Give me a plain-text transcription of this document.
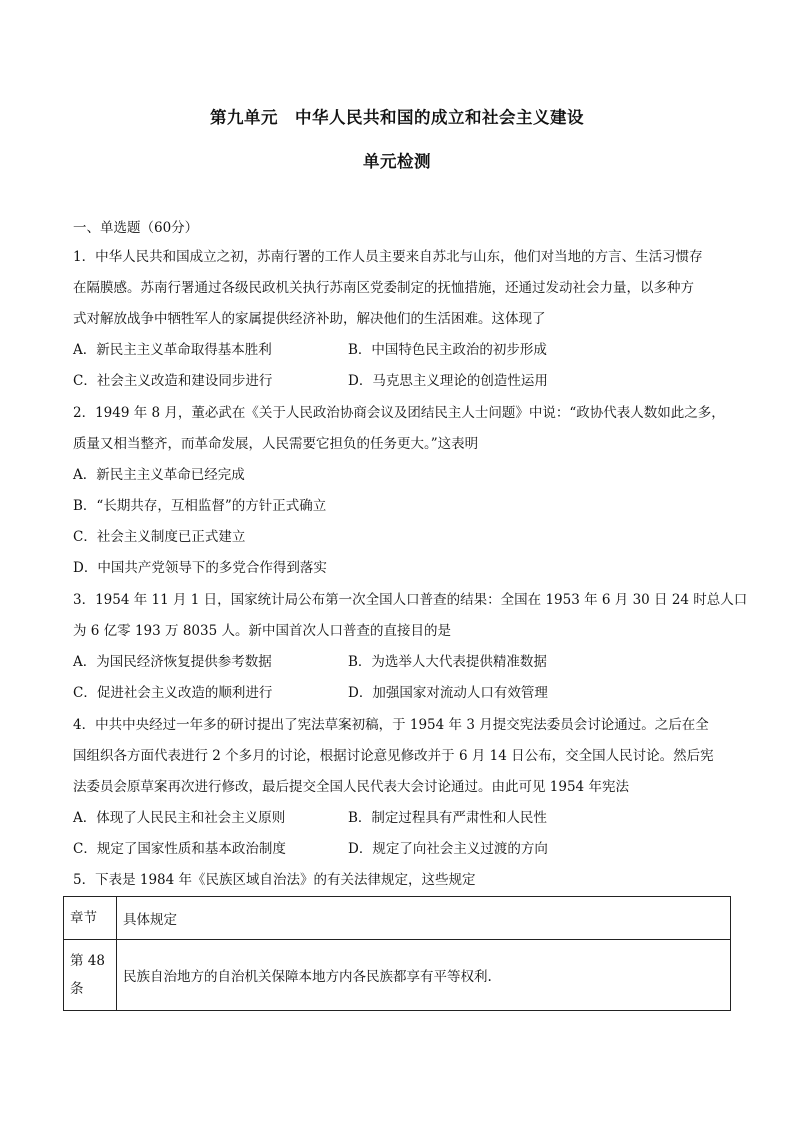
第九单元　中华人民共和国的成立和社会主义建设
单元检测
一、单选题（60分）
1．中华人民共和国成立之初，苏南行署的工作人员主要来自苏北与山东，他们对当地的方言、生活习惯存
在隔膜感。苏南行署通过各级民政机关执行苏南区党委制定的抚恤措施，还通过发动社会力量，以多种方
式对解放战争中牺牲军人的家属提供经济补助，解决他们的生活困难。这体现了
A．新民主主义革命取得基本胜利	B．中国特色民主政治的初步形成
C．社会主义改造和建设同步进行	D．马克思主义理论的创造性运用
2．1949 年 8 月，董必武在《关于人民政治协商会议及团结民主人士问题》中说：“政协代表人数如此之多，
质量又相当整齐，而革命发展，人民需要它担负的任务更大。”这表明
A．新民主主义革命已经完成
B．“长期共存，互相监督”的方针正式确立
C．社会主义制度已正式建立
D．中国共产党领导下的多党合作得到落实
3．1954 年 11 月 1 日，国家统计局公布第一次全国人口普查的结果：全国在 1953 年 6 月 30 日 24 时总人口
为 6 亿零 193 万 8035 人。新中国首次人口普查的直接目的是
A．为国民经济恢复提供参考数据	B．为选举人大代表提供精准数据
C．促进社会主义改造的顺利进行	D．加强国家对流动人口有效管理
4．中共中央经过一年多的研讨提出了宪法草案初稿，于 1954 年 3 月提交宪法委员会讨论通过。之后在全
国组织各方面代表进行 2 个多月的讨论，根据讨论意见修改并于 6 月 14 日公布，交全国人民讨论。然后宪
法委员会原草案再次进行修改，最后提交全国人民代表大会讨论通过。由此可见 1954 年宪法
A．体现了人民民主和社会主义原则	B．制定过程具有严肃性和人民性
C．规定了国家性质和基本政治制度	D．规定了向社会主义过渡的方向
5．下表是 1984 年《民族区域自治法》的有关法律规定，这些规定
章节	具体规定

第 48
条	民族自治地方的自治机关保障本地方内各民族都享有平等权利.
